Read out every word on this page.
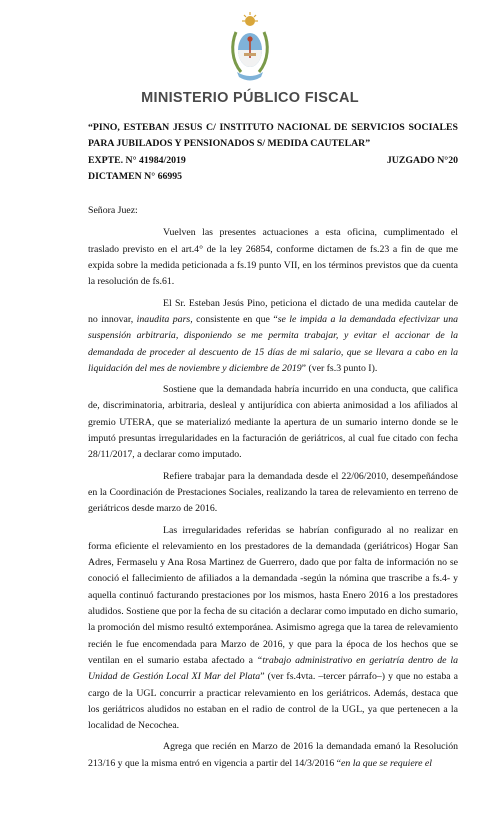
MINISTERIO PÚBLICO FISCAL

“PINO, ESTEBAN JESUS C/ INSTITUTO NACIONAL DE SERVICIOS SOCIALES PARA JUBILADOS Y PENSIONADOS S/ MEDIDA CAUTELAR”

EXPTE. N° 41984/2019	JUZGADO N°20

DICTAMEN N° 66995

Señora Juez:

Vuelven las presentes actuaciones a esta oficina, cumplimentado el traslado previsto en el art.4° de la ley 26854, conforme dictamen de fs.23 a fin de que me expida sobre la medida peticionada a fs.19 punto VII, en los términos previstos que da cuenta la resolución de fs.61.

El Sr. Esteban Jesús Pino, peticiona el dictado de una medida cautelar de no innovar, inaudita pars, consistente en que “se le impida a la demandada efectivizar una suspensión arbitraria, disponiendo se me permita trabajar, y evitar el accionar de la demandada de proceder al descuento de 15 días de mi salario, que se llevara a cabo en la liquidación del mes de noviembre y diciembre de 2019” (ver fs.3 punto I).

Sostiene que la demandada habría incurrido en una conducta, que califica de, discriminatoria, arbitraria, desleal y antijurídica con abierta animosidad a los afiliados al gremio UTERA, que se materializó mediante la apertura de un sumario interno donde se le imputó presuntas irregularidades en la facturación de geriátricos, al cual fue citado con fecha 28/11/2017, a declarar como imputado.

Refiere trabajar para la demandada desde el 22/06/2010, desempeñándose en la Coordinación de Prestaciones Sociales, realizando la tarea de relevamiento en terreno de geriátricos desde marzo de 2016.

Las irregularidades referidas se habrían configurado al no realizar en forma eficiente el relevamiento en los prestadores de la demandada (geriátricos) Hogar San Adres, Fermaselu y Ana Rosa Martinez de Guerrero, dado que por falta de información no se conoció el fallecimiento de afiliados a la demandada -según la nómina que trascribe a fs.4- y aquella continuó facturando prestaciones por los mismos, hasta Enero 2016 a los prestadores aludidos. Sostiene que por la fecha de su citación a declarar como imputado en dicho sumario, la promoción del mismo resultó extemporánea. Asimismo agrega que la tarea de relevamiento recién le fue encomendada para Marzo de 2016, y que para la época de los hechos que se ventilan en el sumario estaba afectado a “trabajo administrativo en geriatría dentro de la Unidad de Gestión Local XI Mar del Plata” (ver fs.4vta. –tercer párrafo–) y que no estaba a cargo de la UGL concurrir a practicar relevamiento en los geriátricos. Además, destaca que los geriátricos aludidos no estaban en el radio de control de la UGL, ya que pertenecen a la localidad de Necochea.

Agrega que recién en Marzo de 2016 la demandada emanó la Resolución 213/16 y que la misma entró en vigencia a partir del 14/3/2016 “en la que se requiere el
